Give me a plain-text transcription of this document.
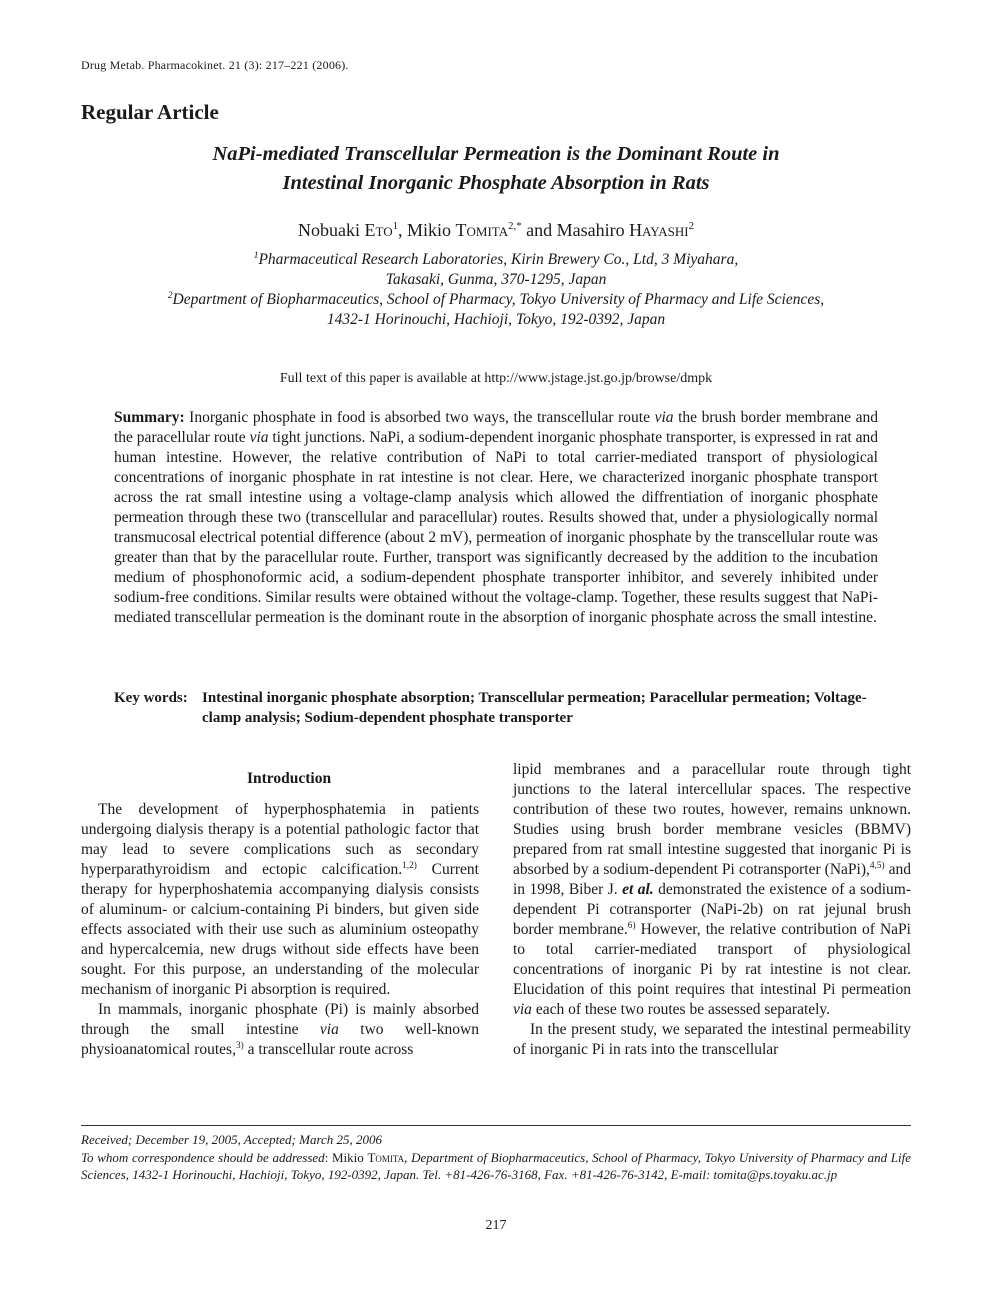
Drug Metab. Pharmacokinet. 21 (3): 217–221 (2006).
Regular Article
NaPi-mediated Transcellular Permeation is the Dominant Route in
Intestinal Inorganic Phosphate Absorption in Rats
Nobuaki Eto$^1$, Mikio Tomita$^{2,*}$ and Masahiro Hayashi$^2$
$^1$Pharmaceutical Research Laboratories, Kirin Brewery Co., Ltd, 3 Miyahara,
Takasaki, Gunma, 370-1295, Japan
$^2$Department of Biopharmaceutics, School of Pharmacy, Tokyo University of Pharmacy and Life Sciences,
1432-1 Horinouchi, Hachioji, Tokyo, 192-0392, Japan
Full text of this paper is available at http://www.jstage.jst.go.jp/browse/dmpk
Summary: Inorganic phosphate in food is absorbed two ways, the transcellular route via the brush border membrane and the paracellular route via tight junctions. NaPi, a sodium-dependent inorganic phosphate transporter, is expressed in rat and human intestine. However, the relative contribution of NaPi to total carrier-mediated transport of physiological concentrations of inorganic phosphate in rat intestine is not clear. Here, we characterized inorganic phosphate transport across the rat small intestine using a voltage-clamp analysis which allowed the diffrentiation of inorganic phosphate permeation through these two (transcellular and paracellular) routes. Results showed that, under a physiologically normal transmucosal electrical potential difference (about 2 mV), permeation of inorganic phosphate by the transcellular route was greater than that by the paracellular route. Further, transport was significantly decreased by the addition to the incubation medium of phosphonoformic acid, a sodium-dependent phosphate transporter inhibitor, and severely inhibited under sodium-free conditions. Similar results were obtained without the voltage-clamp. Together, these results suggest that NaPi-mediated transcellular permeation is the dominant route in the absorption of inorganic phosphate across the small intestine.
Key words: Intestinal inorganic phosphate absorption; Transcellular permeation; Paracellular permeation; Voltage-clamp analysis; Sodium-dependent phosphate transporter
Introduction

The development of hyperphosphatemia in patients undergoing dialysis therapy is a potential pathologic factor that may lead to severe complications such as secondary hyperparathyroidism and ectopic calcification.$^{1,2)}$ Current therapy for hyperphoshatemia accompanying dialysis consists of aluminum- or calcium-containing Pi binders, but given side effects associated with their use such as aluminium osteopathy and hypercalcemia, new drugs without side effects have been sought. For this purpose, an understanding of the molecular mechanism of inorganic Pi absorption is required.

In mammals, inorganic phosphate (Pi) is mainly absorbed through the small intestine via two well-known physioanatomical routes,$^{3)}$ a transcellular route across

lipid membranes and a paracellular route through tight junctions to the lateral intercellular spaces. The respective contribution of these two routes, however, remains unknown. Studies using brush border membrane vesicles (BBMV) prepared from rat small intestine suggested that inorganic Pi is absorbed by a sodium-dependent Pi cotransporter (NaPi),$^{4,5)}$ and in 1998, Biber J. et al. demonstrated the existence of a sodium-dependent Pi cotransporter (NaPi-2b) on rat jejunal brush border membrane.$^{6)}$ However, the relative contribution of NaPi to total carrier-mediated transport of physiological concentrations of inorganic Pi by rat intestine is not clear. Elucidation of this point requires that intestinal Pi permeation via each of these two routes be assessed separately.

In the present study, we separated the intestinal permeability of inorganic Pi in rats into the transcellular

Received; December 19, 2005, Accepted; March 25, 2006
To whom correspondence should be addressed: Mikio Tomita, Department of Biopharmaceutics, School of Pharmacy, Tokyo University of Pharmacy and Life Sciences, 1432-1 Horinouchi, Hachioji, Tokyo, 192-0392, Japan. Tel. +81-426-76-3168, Fax. +81-426-76-3142, E-mail: tomita@ps.toyaku.ac.jp
217
